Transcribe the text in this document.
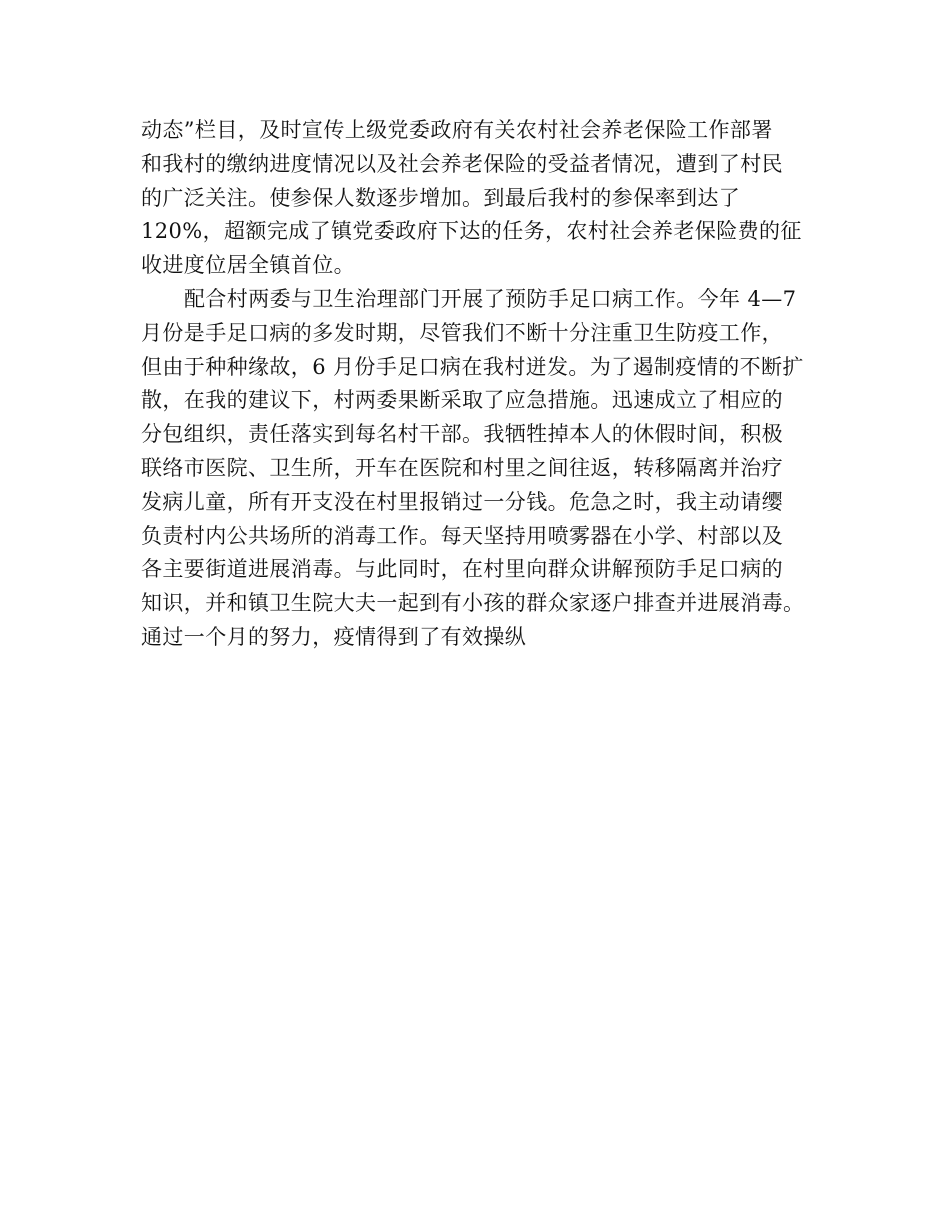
动态”栏目，及时宣传上级党委政府有关农村社会养老保险工作部署
和我村的缴纳进度情况以及社会养老保险的受益者情况，遭到了村民
的广泛关注。使参保人数逐步增加。到最后我村的参保率到达了
120%，超额完成了镇党委政府下达的任务，农村社会养老保险费的征
收进度位居全镇首位。
配合村两委与卫生治理部门开展了预防手足口病工作。今年 4—7
月份是手足口病的多发时期，尽管我们不断十分注重卫生防疫工作，
但由于种种缘故，6 月份手足口病在我村迸发。为了遏制疫情的不断扩
散，在我的建议下，村两委果断采取了应急措施。迅速成立了相应的
分包组织，责任落实到每名村干部。我牺牲掉本人的休假时间，积极
联络市医院、卫生所，开车在医院和村里之间往返，转移隔离并治疗
发病儿童，所有开支没在村里报销过一分钱。危急之时，我主动请缨
负责村内公共场所的消毒工作。每天坚持用喷雾器在小学、村部以及
各主要街道进展消毒。与此同时，在村里向群众讲解预防手足口病的
知识，并和镇卫生院大夫一起到有小孩的群众家逐户排查并进展消毒。
通过一个月的努力，疫情得到了有效操纵
